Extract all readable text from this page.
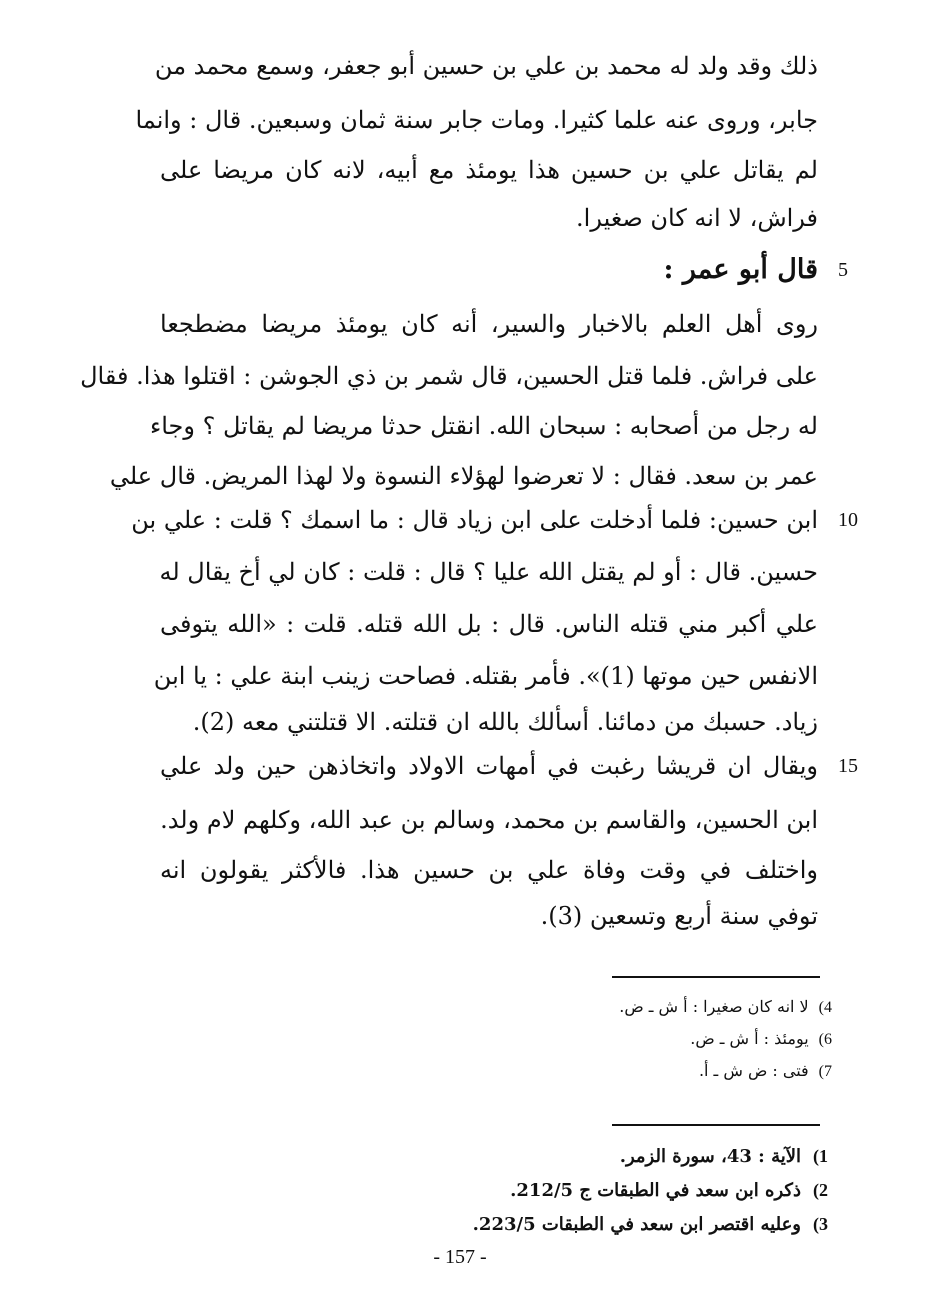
ذلك وقد ولد له محمد بن علي بن حسين أبو جعفر، وسمع محمد من
جابر، وروى عنه علما كثيرا. ومات جابر سنة ثمان وسبعين. قال : وانما
لم يقاتل علي بن حسين هذا يومئذ مع أبيه، لانه كان مريضا على
فراش، لا انه كان صغيرا.
قال أبو عمر : 5
روى أهل العلم بالاخبار والسير، أنه كان يومئذ مريضا مضطجعا
على فراش. فلما قتل الحسين، قال شمر بن ذي الجوشن : اقتلوا هذا. فقال
له رجل من أصحابه : سبحان الله. انقتل حدثا مريضا لم يقاتل ؟ وجاء
عمر بن سعد. فقال : لا تعرضوا لهؤلاء النسوة ولا لهذا المريض. قال علي
ابن حسين: فلما أدخلت على ابن زياد قال : ما اسمك ؟ قلت : علي بن 10
حسين. قال : أو لم يقتل الله عليا ؟ قال : قلت : كان لي أخ يقال له
علي أكبر مني قتله الناس. قال : بل الله قتله. قلت : «الله يتوفى
الانفس حين موتها (1)». فأمر بقتله. فصاحت زينب ابنة علي : يا ابن
زياد. حسبك من دمائنا. أسألك بالله ان قتلته. الا قتلتني معه (2).
ويقال ان قريشا رغبت في أمهات الاولاد واتخاذهن حين ولد علي 15
ابن الحسين، والقاسم بن محمد، وسالم بن عبد الله، وكلهم لام ولد.
واختلف في وقت وفاة علي بن حسين هذا. فالأكثر يقولون انه
توفي سنة أربع وتسعين (3).
4)لا انه كان صغيرا : أ ش ـ ض.
6)يومئذ : أ ش ـ ض.
7)فتى : ض ش ـ أ.
1)الآية : 43، سورة الزمر.
2)ذكره ابن سعد في الطبقات ج 212/5.
3)وعليه اقتصر ابن سعد في الطبقات 223/5.
- 157 -
